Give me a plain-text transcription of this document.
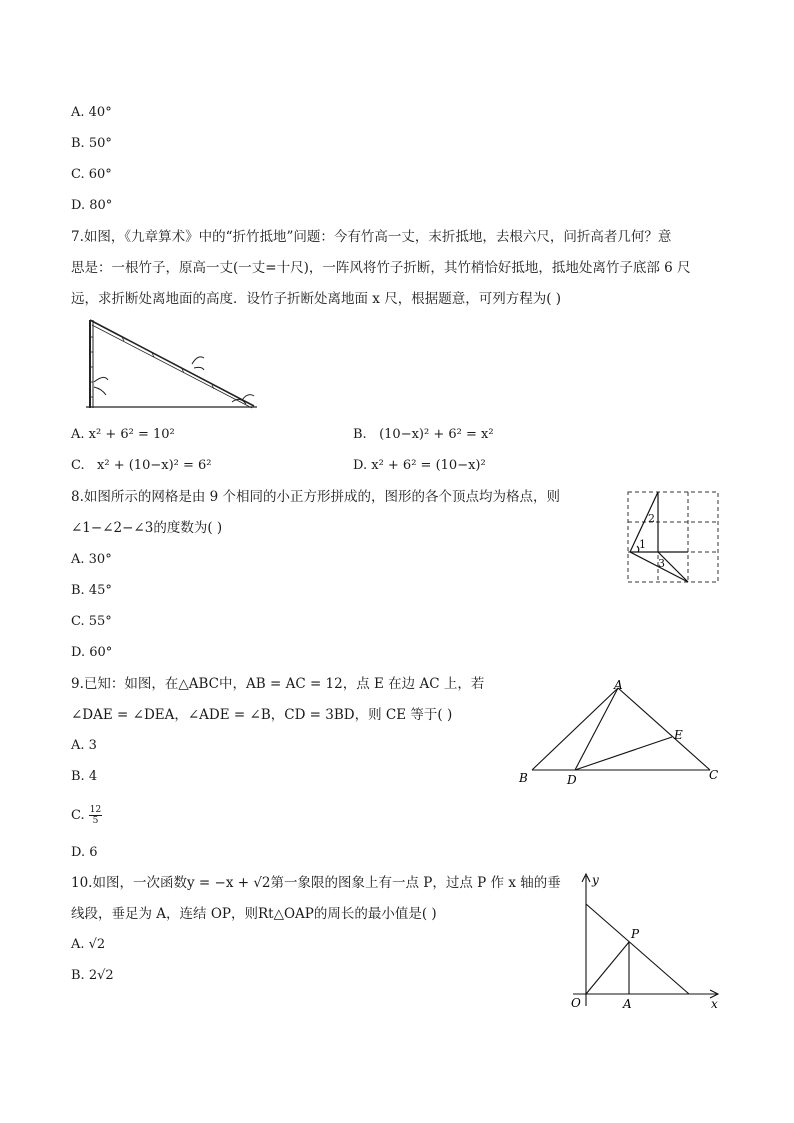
A. 40°
B. 50°
C. 60°
D. 80°
7.如图，《九章算术》中的“折竹抵地”问题：今有竹高一丈，末折抵地，去根六尺，问折高者几何？意
思是：一根竹子，原高一丈(一丈=十尺)，一阵风将竹子折断，其竹梢恰好抵地，抵地处离竹子底部 6 尺
远，求折断处离地面的高度．设竹子折断处离地面 x 尺，根据题意，可列方程为( )
A. x² + 6² = 10²	B. (10−x)² + 6² = x²
C. x² + (10−x)² = 6²	D. x² + 6² = (10−x)²
8.如图所示的网格是由 9 个相同的小正方形拼成的，图形的各个顶点均为格点，则
∠1−∠2−∠3的度数为( )
A. 30°
B. 45°
C. 55°
D. 60°
1
2
3
9.已知：如图，在△ABC中，AB = AC = 12，点 E 在边 AC 上，若
∠DAE = ∠DEA，∠ADE = ∠B，CD = 3BD，则 CE 等于( )
A. 3
B. 4
C. $\frac{12}{5}$
D. 6
A
B	C
D
E
10.如图，一次函数y = −x + √2第一象限的图象上有一点 P，过点 P 作 x 轴的垂
线段，垂足为 A，连结 OP，则Rt△OAP的周长的最小值是( )
A. √2
B. 2√2
y
x
O	A
P
